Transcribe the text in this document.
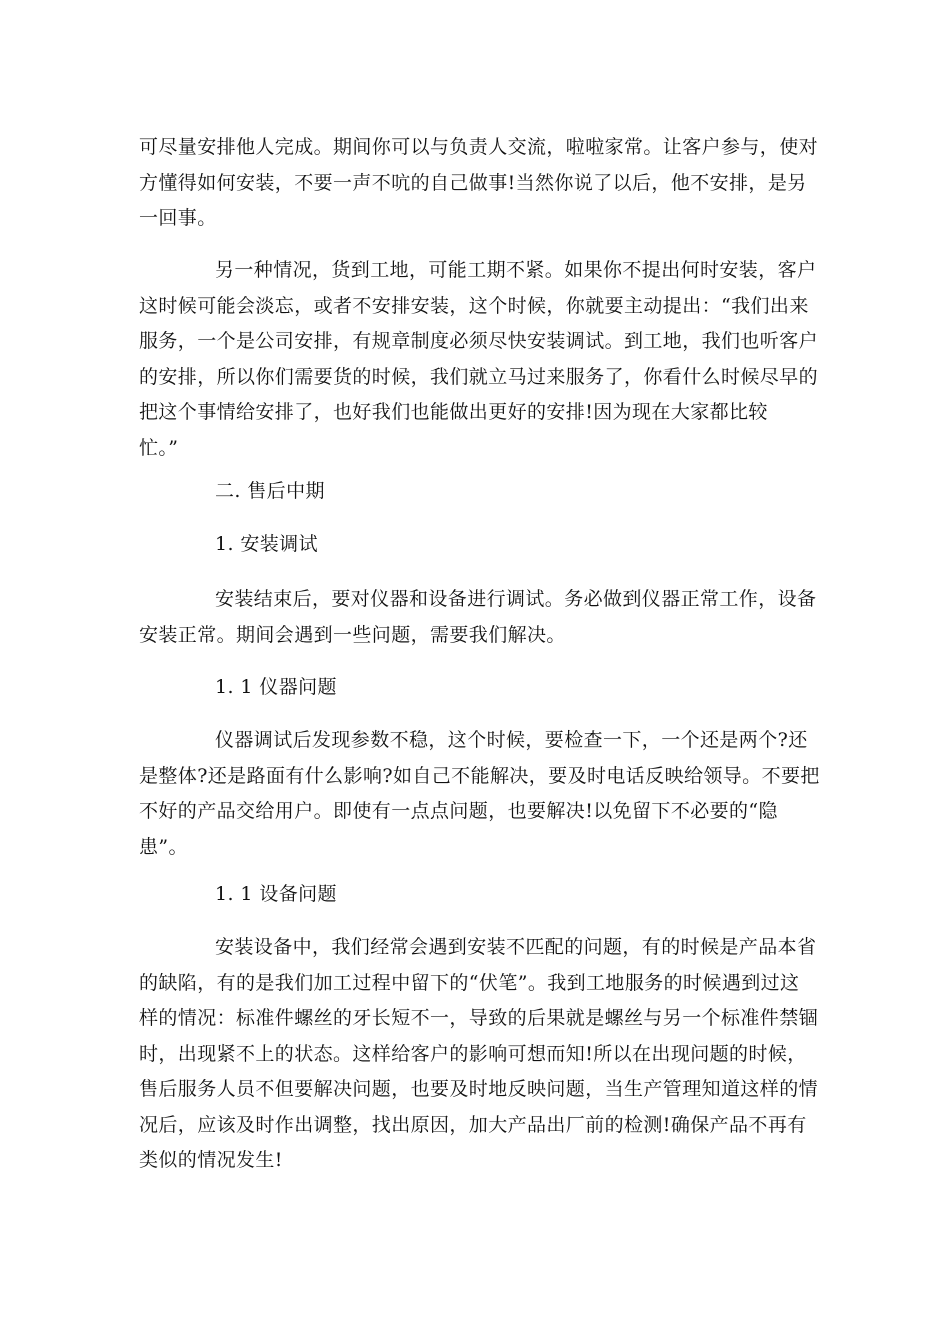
可尽量安排他人完成。期间你可以与负责人交流，啦啦家常。让客户参与，使对
方懂得如何安装，不要一声不吭的自己做事!当然你说了以后，他不安排，是另
一回事。
另一种情况，货到工地，可能工期不紧。如果你不提出何时安装，客户
这时候可能会淡忘，或者不安排安装，这个时候，你就要主动提出：“我们出来
服务，一个是公司安排，有规章制度必须尽快安装调试。到工地，我们也听客户
的安排，所以你们需要货的时候，我们就立马过来服务了，你看什么时候尽早的
把这个事情给安排了，也好我们也能做出更好的安排!因为现在大家都比较
忙。”
二. 售后中期
1. 安装调试
安装结束后，要对仪器和设备进行调试。务必做到仪器正常工作，设备
安装正常。期间会遇到一些问题，需要我们解决。
1. 1 仪器问题
仪器调试后发现参数不稳，这个时候，要检查一下，一个还是两个?还
是整体?还是路面有什么影响?如自己不能解决，要及时电话反映给领导。不要把
不好的产品交给用户。即使有一点点问题，也要解决!以免留下不必要的“隐
患”。
1. 1 设备问题
安装设备中，我们经常会遇到安装不匹配的问题，有的时候是产品本省
的缺陷，有的是我们加工过程中留下的“伏笔”。我到工地服务的时候遇到过这
样的情况：标准件螺丝的牙长短不一，导致的后果就是螺丝与另一个标准件禁锢
时，出现紧不上的状态。这样给客户的影响可想而知!所以在出现问题的时候，
售后服务人员不但要解决问题，也要及时地反映问题，当生产管理知道这样的情
况后，应该及时作出调整，找出原因，加大产品出厂前的检测!确保产品不再有
类似的情况发生!
